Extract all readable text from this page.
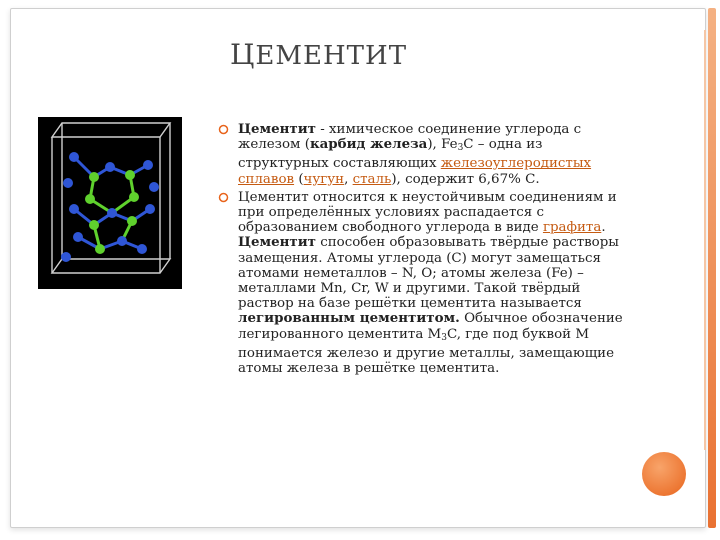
ЦЕМЕНТИТ
Цементит - химическое соединение углерода с железом (карбид железа), $Fe_3C$ – одна из структурных составляющих железоуглеродистых сплавов (чугун, сталь), содержит 6,67% С.
Цементит относится к неустойчивым соединениям и при определённых условиях распадается с образованием свободного углерода в виде графита. Цементит способен образовывать твёрдые растворы замещения. Атомы углерода (С) могут замещаться атомами неметаллов – N, О; атомы железа (Fe) – металлами Mn, Cr, W и другими. Такой твёрдый раствор на базе решётки цементита называется легированным цементитом. Обычное обозначение легированного цементита $M_3C$, где под буквой М понимается железо и другие металлы, замещающие атомы железа в решётке цементита.
